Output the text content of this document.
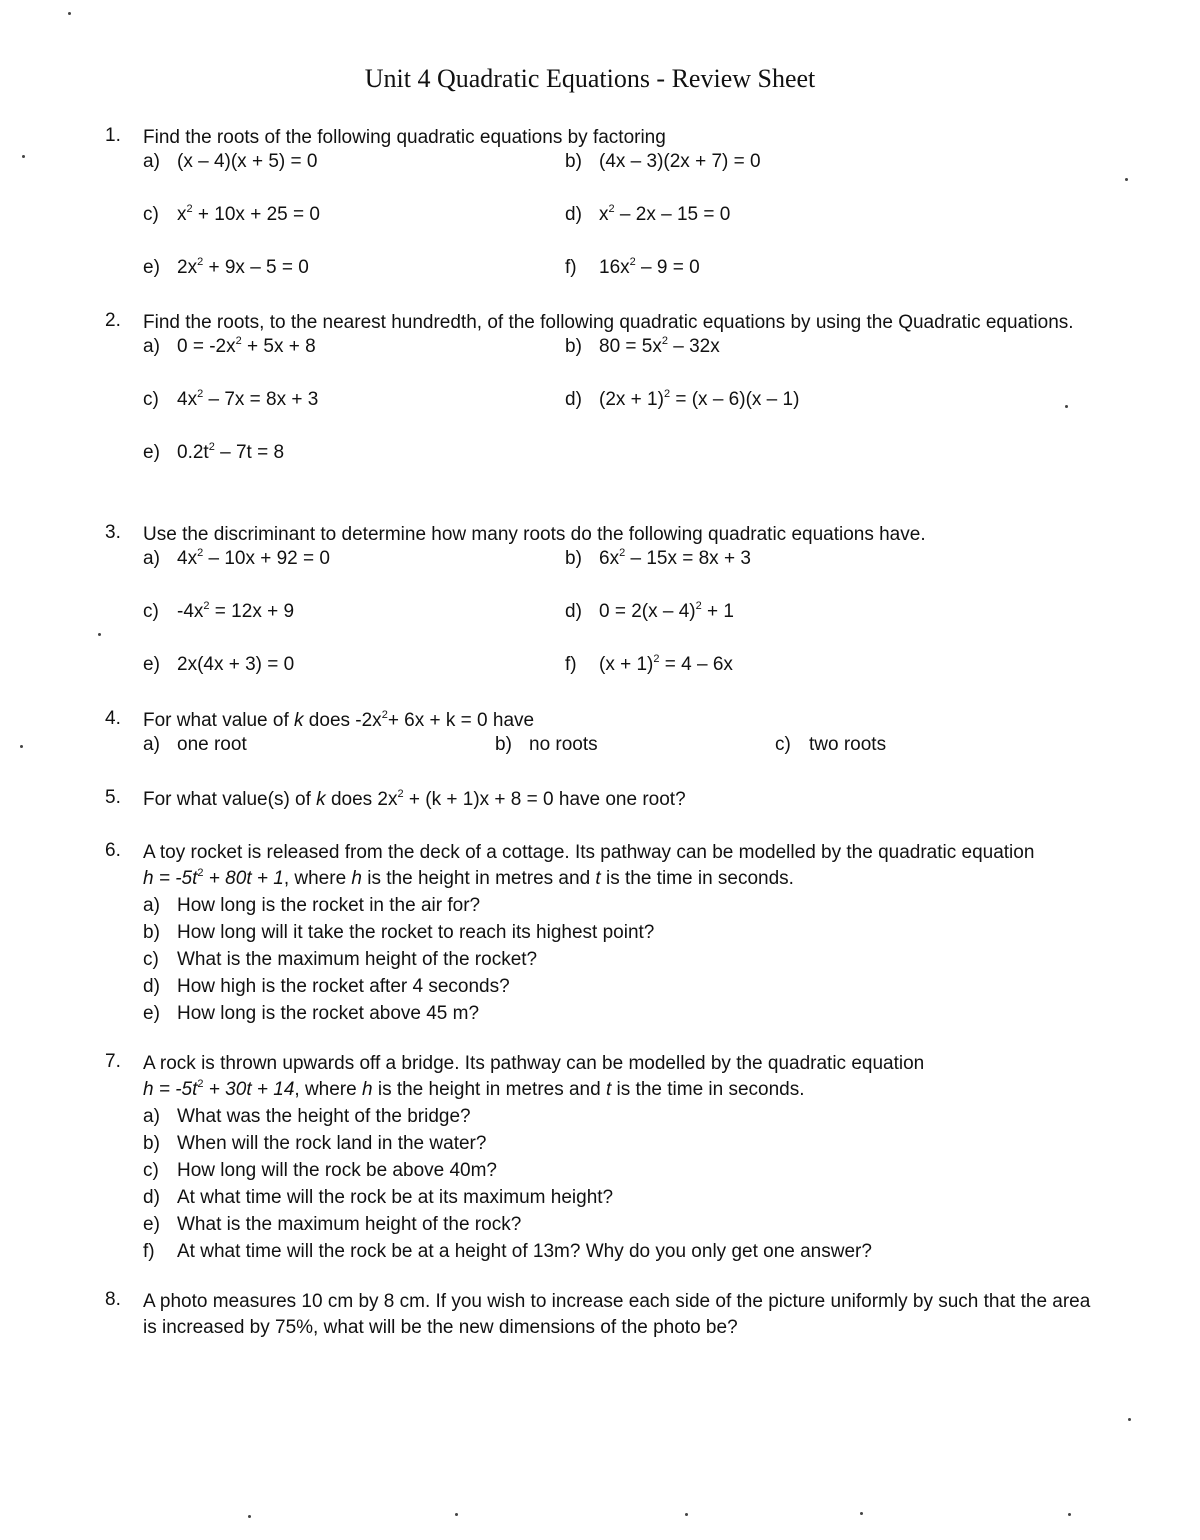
Unit 4 Quadratic Equations - Review Sheet
1. Find the roots of the following quadratic equations by factoring
a) (x – 4)(x + 5) = 0	b) (4x – 3)(2x + 7) = 0
c) $x^2 + 10x + 25 = 0$	d) $x^2 - 2x - 15 = 0$
e) $2x^2 + 9x - 5 = 0$	f) $16x^2 - 9 = 0$
2. Find the roots, to the nearest hundredth, of the following quadratic equations by using the Quadratic equations.
a) $0 = -2x^2 + 5x + 8$	b) $80 = 5x^2 - 32x$
c) $4x^2 - 7x = 8x + 3$	d) $(2x + 1)^2 = (x - 6)(x - 1)$
e) $0.2t^2 - 7t = 8$
3. Use the discriminant to determine how many roots do the following quadratic equations have.
a) $4x^2 - 10x + 92 = 0$	b) $6x^2 - 15x = 8x + 3$
c) $-4x^2 = 12x + 9$	d) 0 = 2(x – 4)$^2$ + 1
e) 2x(4x + 3) = 0	f) $(x + 1)^2 = 4 - 6x$
4. For what value of k does $-2x^2+ 6x + k = 0$ have
a) one root	b) no roots	c) two roots
5. For what value(s) of k does $2x^2 + (k + 1)x + 8 = 0$ have one root?
6. A toy rocket is released from the deck of a cottage. Its pathway can be modelled by the quadratic equation
$h = -5t^2 + 80t + 1$, where h is the height in metres and t is the time in seconds.
a) How long is the rocket in the air for?
b) How long will it take the rocket to reach its highest point?
c) What is the maximum height of the rocket?
d) How high is the rocket after 4 seconds?
e) How long is the rocket above 45 m?
7. A rock is thrown upwards off a bridge. Its pathway can be modelled by the quadratic equation
$h = -5t^2 + 30t + 14$, where h is the height in metres and t is the time in seconds.
a) What was the height of the bridge?
b) When will the rock land in the water?
c) How long will the rock be above 40m?
d) At what time will the rock be at its maximum height?
e) What is the maximum height of the rock?
f) At what time will the rock be at a height of 13m? Why do you only get one answer?
8. A photo measures 10 cm by 8 cm. If you wish to increase each side of the picture uniformly by such that the area is increased by 75%, what will be the new dimensions of the photo be?
